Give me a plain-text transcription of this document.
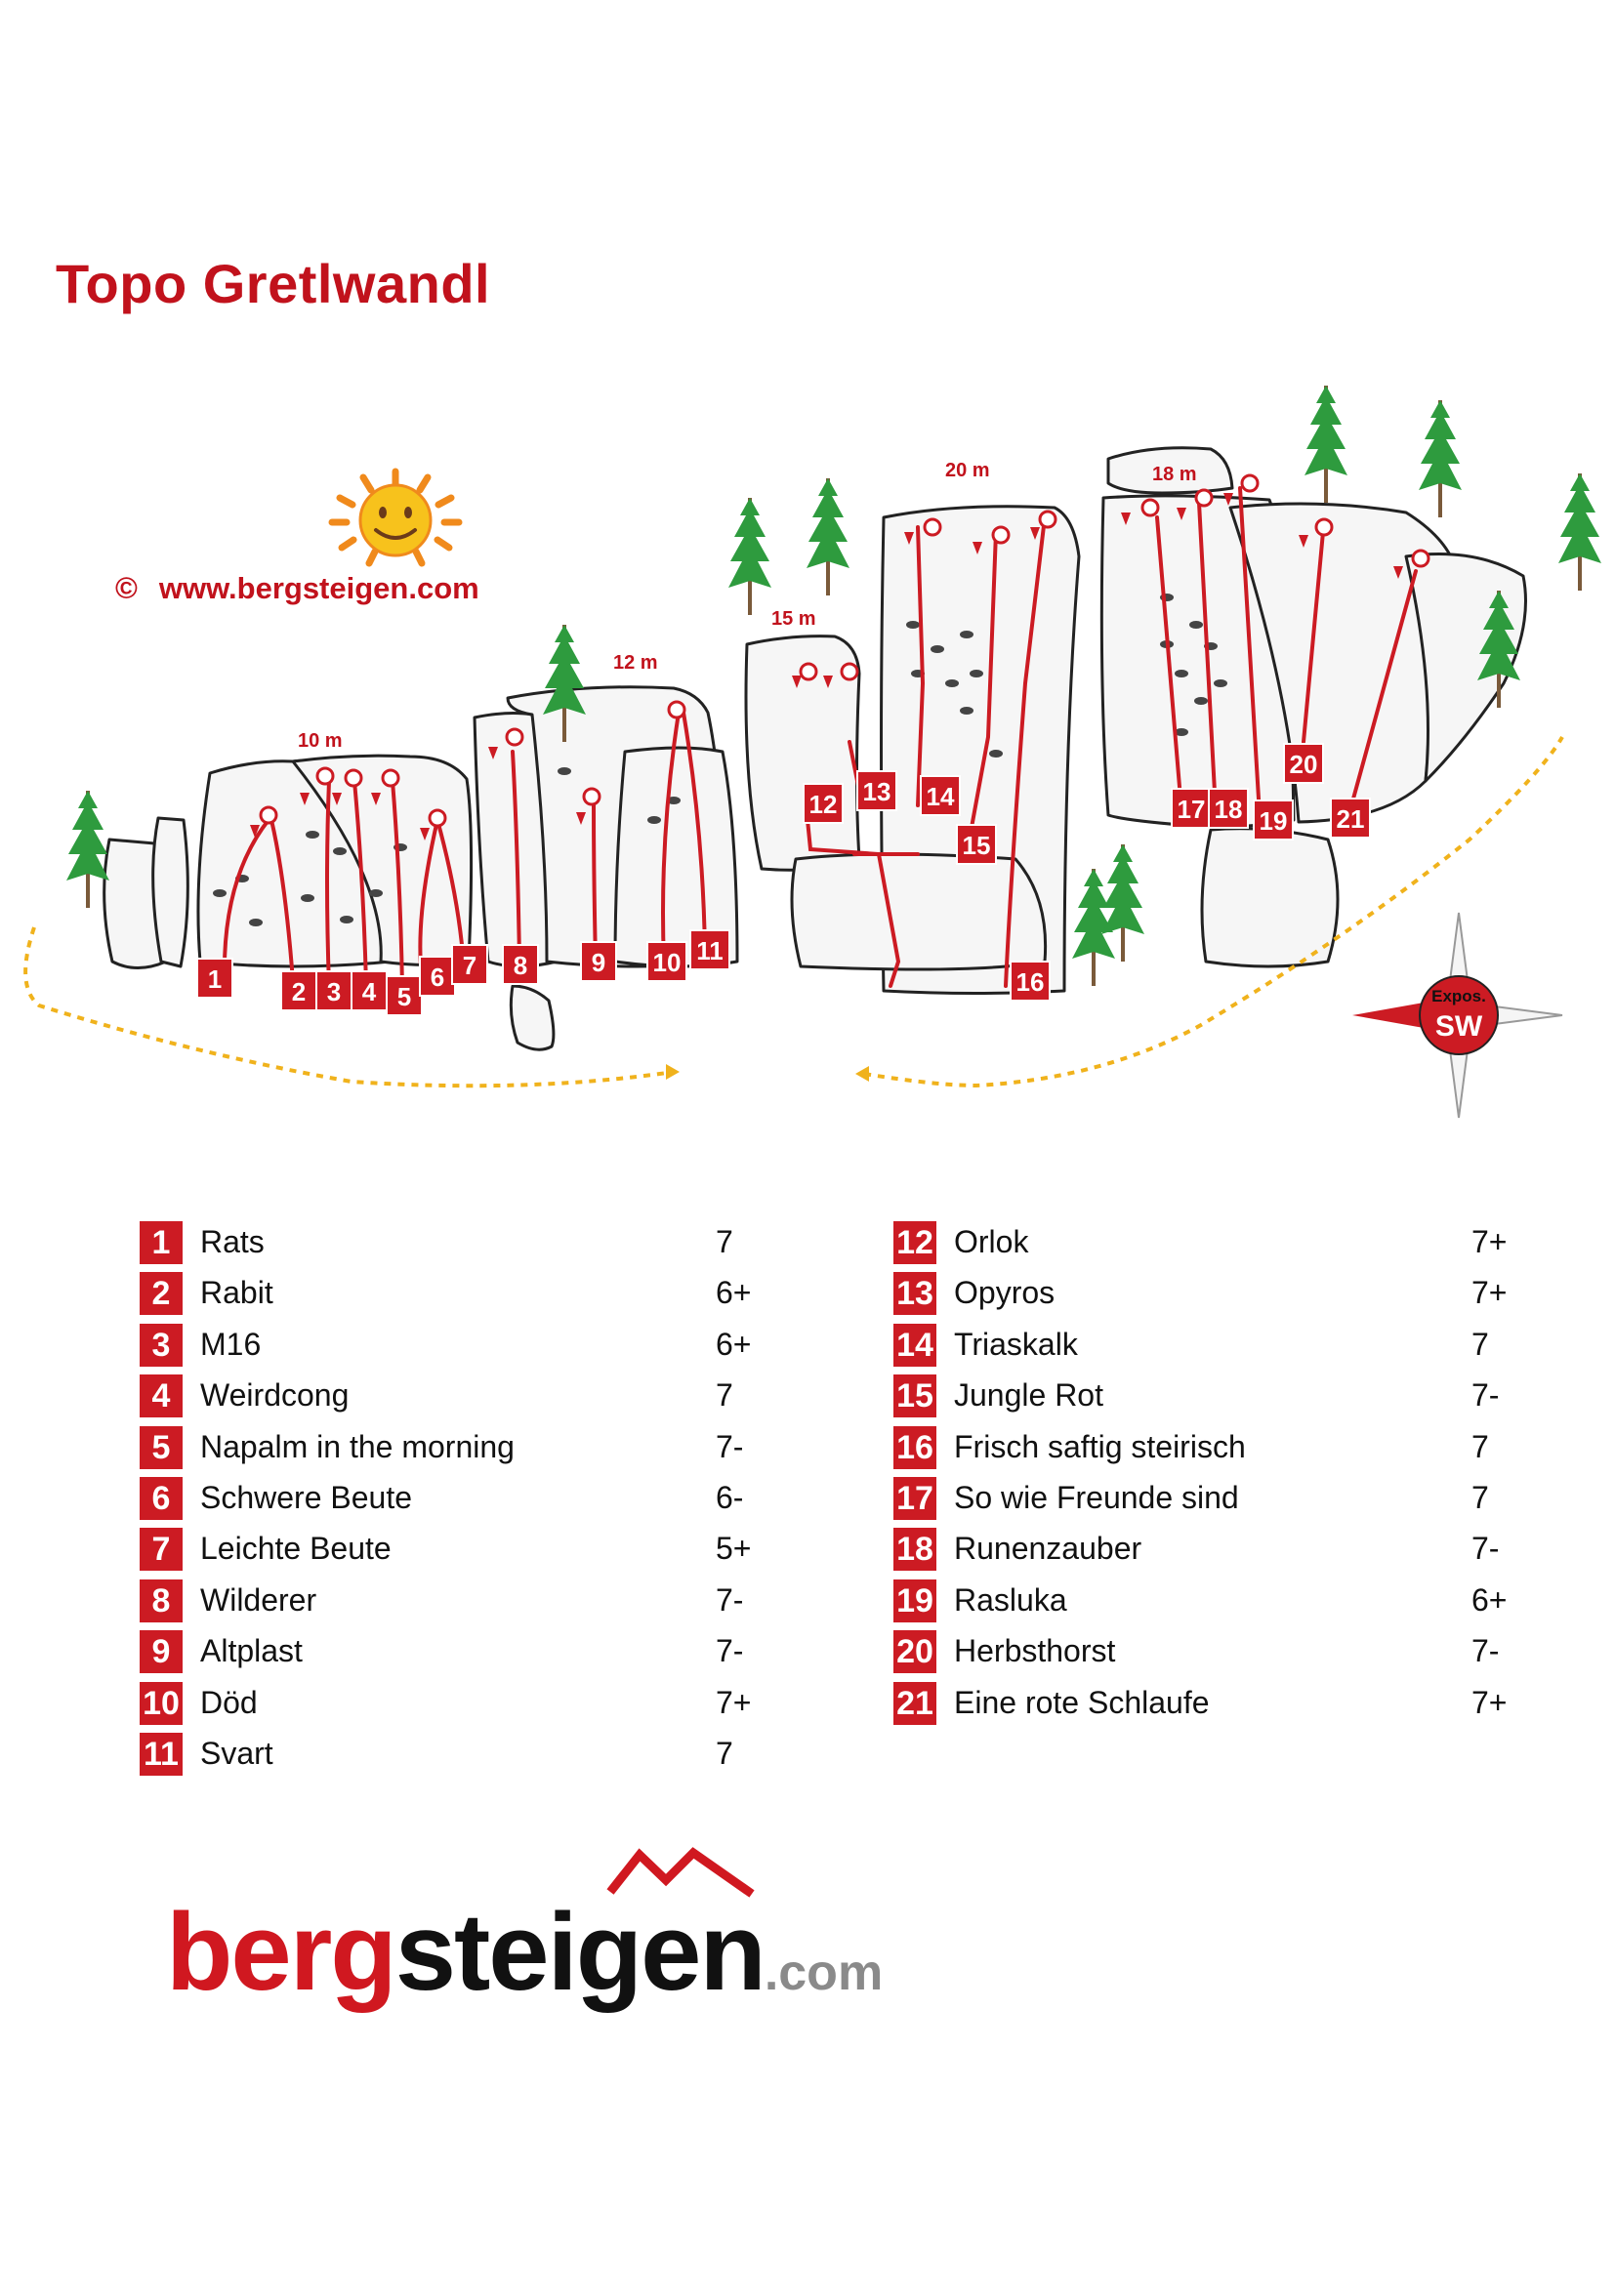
Topo Gretlwandl
© www.bergsteigen.com
Expos.
SW
10 m
12 m
15 m
20 m	18 m
1	2 3 4 5
6 7 8	9 10 11
12 13 14
15
16
17 18 19
20
21
1 Rats	7
2 Rabit	6+
3 M16	6+
4 Weirdcong	7
5 Napalm in the morning	7-
6 Schwere Beute	6-
7 Leichte Beute	5+
8 Wilderer	7-
9 Altplast	7-
10 Död	7+
11 Svart	7
12 Orlok	7+
13 Opyros	7+
14 Triaskalk	7
15 Jungle Rot	7-
16 Frisch saftig steirisch	7
17 So wie Freunde sind	7
18 Runenzauber	7-
19 Rasluka	6+
20 Herbsthorst	7-
21 Eine rote Schlaufe	7+
bergsteigen.com
